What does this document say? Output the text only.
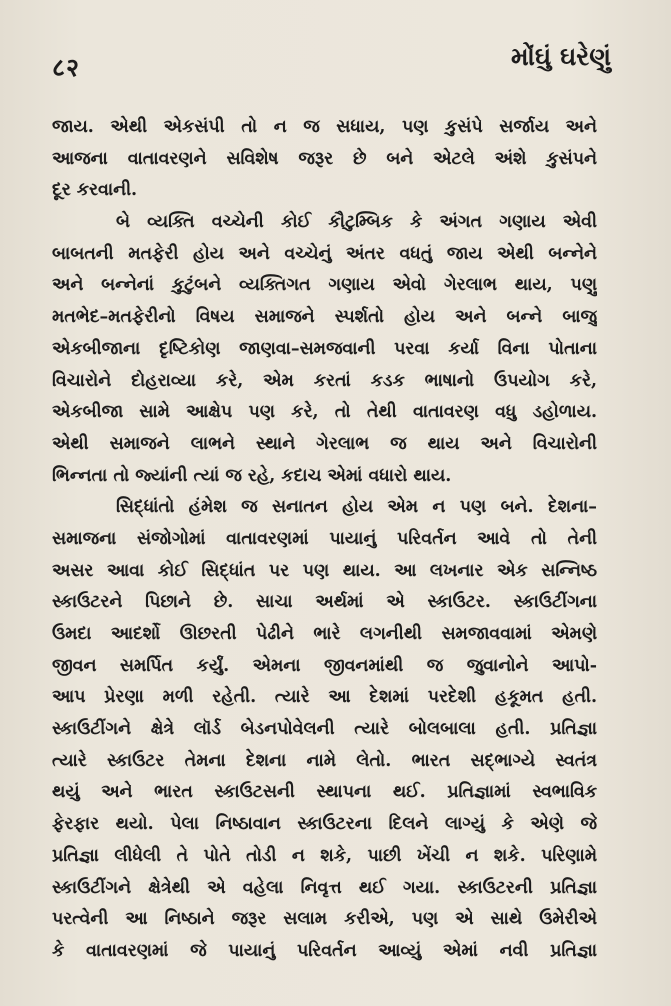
८२	મોંઘું ઘરેણું
જાય. એથી એકસંપી તો ન જ સધાય, પણ કુસંપે સર્જાય અને
આજના વાતાવરણને સવિશેષ જરૂર છે બને એટલે અંશે કુસંપને
દૂર કરવાની.
બે વ્યક્તિ વચ્ચેની કોઈ કૌટુમ્બિક કે અંગત ગણાય એવી
બાબતની મતફેરી હોય અને વચ્ચેનું અંતર વધતું જાય એથી બન્નેને
અને બન્નેનાં કુટુંબને વ્યક્તિગત ગણાય એવો ગેરલાભ થાય, પણુ
મતભેદ–મતફેરીનો વિષય સમાજને સ્પર્શતો હોય અને બન્ને બાજુ
એકબીજાના દૃષ્ટિકોણ જાણવા–સમજવાની પરવા કર્યા વિના પોતાના
વિચારોને દોહરાવ્યા કરે, એમ કરતાં કડક ભાષાનો ઉપયોગ કરે,
એકબીજા સામે આક્ષેપ પણ કરે, તો તેથી વાતાવરણ વધુ ડહોળાય.
એથી સમાજને લાભને સ્થાને ગેરલાભ જ થાય અને વિચારોની
ભિન્નતા તો જ્યાંની ત્યાં જ રહે, કદાચ એમાં વધારો થાય.
સિદ્ધાંતો હંમેશ જ સનાતન હોય એમ ન પણ બને. દેશના–
સમાજના સંજોગોમાં વાતાવરણમાં પાયાનું પરિવર્તન આવે તો તેની
અસર આવા કોઈ સિદ્ધાંત પર પણ થાય. આ લખનાર એક સન્નિષ્ઠ
સ્કાઉટરને પિછાને છે. સાચા અર્થમાં એ સ્કાઉટર. સ્કાઉટીંગના
ઉમદા આદર્શો ઊછરતી પેઢીને ભારે લગનીથી સમજાવવામાં એમણે
જીવન સમર્પિત કર્યું. એમના જીવનમાંથી જ જુવાનોને આપો-
આપ પ્રેરણા મળી રહેતી. ત્યારે આ દેશમાં પરદેશી હકૂમત હતી.
સ્કાઉટીંગને ક્ષેત્રે લૉર્ડ બેડનપોવેલની ત્યારે બોલબાલા હતી. પ્રતિજ્ઞા
ત્યારે સ્કાઉટર તેમના દેશના નામે લેતો. ભારત સદ્ભાગ્યે સ્વતંત્ર
થયું અને ભારત સ્કાઉટસની સ્થાપના થઈ. પ્રતિજ્ઞામાં સ્વભાવિક
ફેરફાર થયો. પેલા નિષ્ઠાવાન સ્કાઉટરના દિલને લાગ્યું કે એણે જે
પ્રતિજ્ઞા લીધેલી તે પોતે તોડી ન શકે, પાછી ખેંચી ન શકે. પરિણામે
સ્કાઉટીંગને ક્ષેત્રેથી એ વહેલા નિવૃત્ત થઈ ગયા. સ્કાઉટરની પ્રતિજ્ઞા
પરત્વેની આ નિષ્ઠાને જરૂર સલામ કરીએ, પણ એ સાથે ઉમેરીએ
કે વાતાવરણમાં જે પાયાનું પરિવર્તન આવ્યું એમાં નવી પ્રતિજ્ઞા
